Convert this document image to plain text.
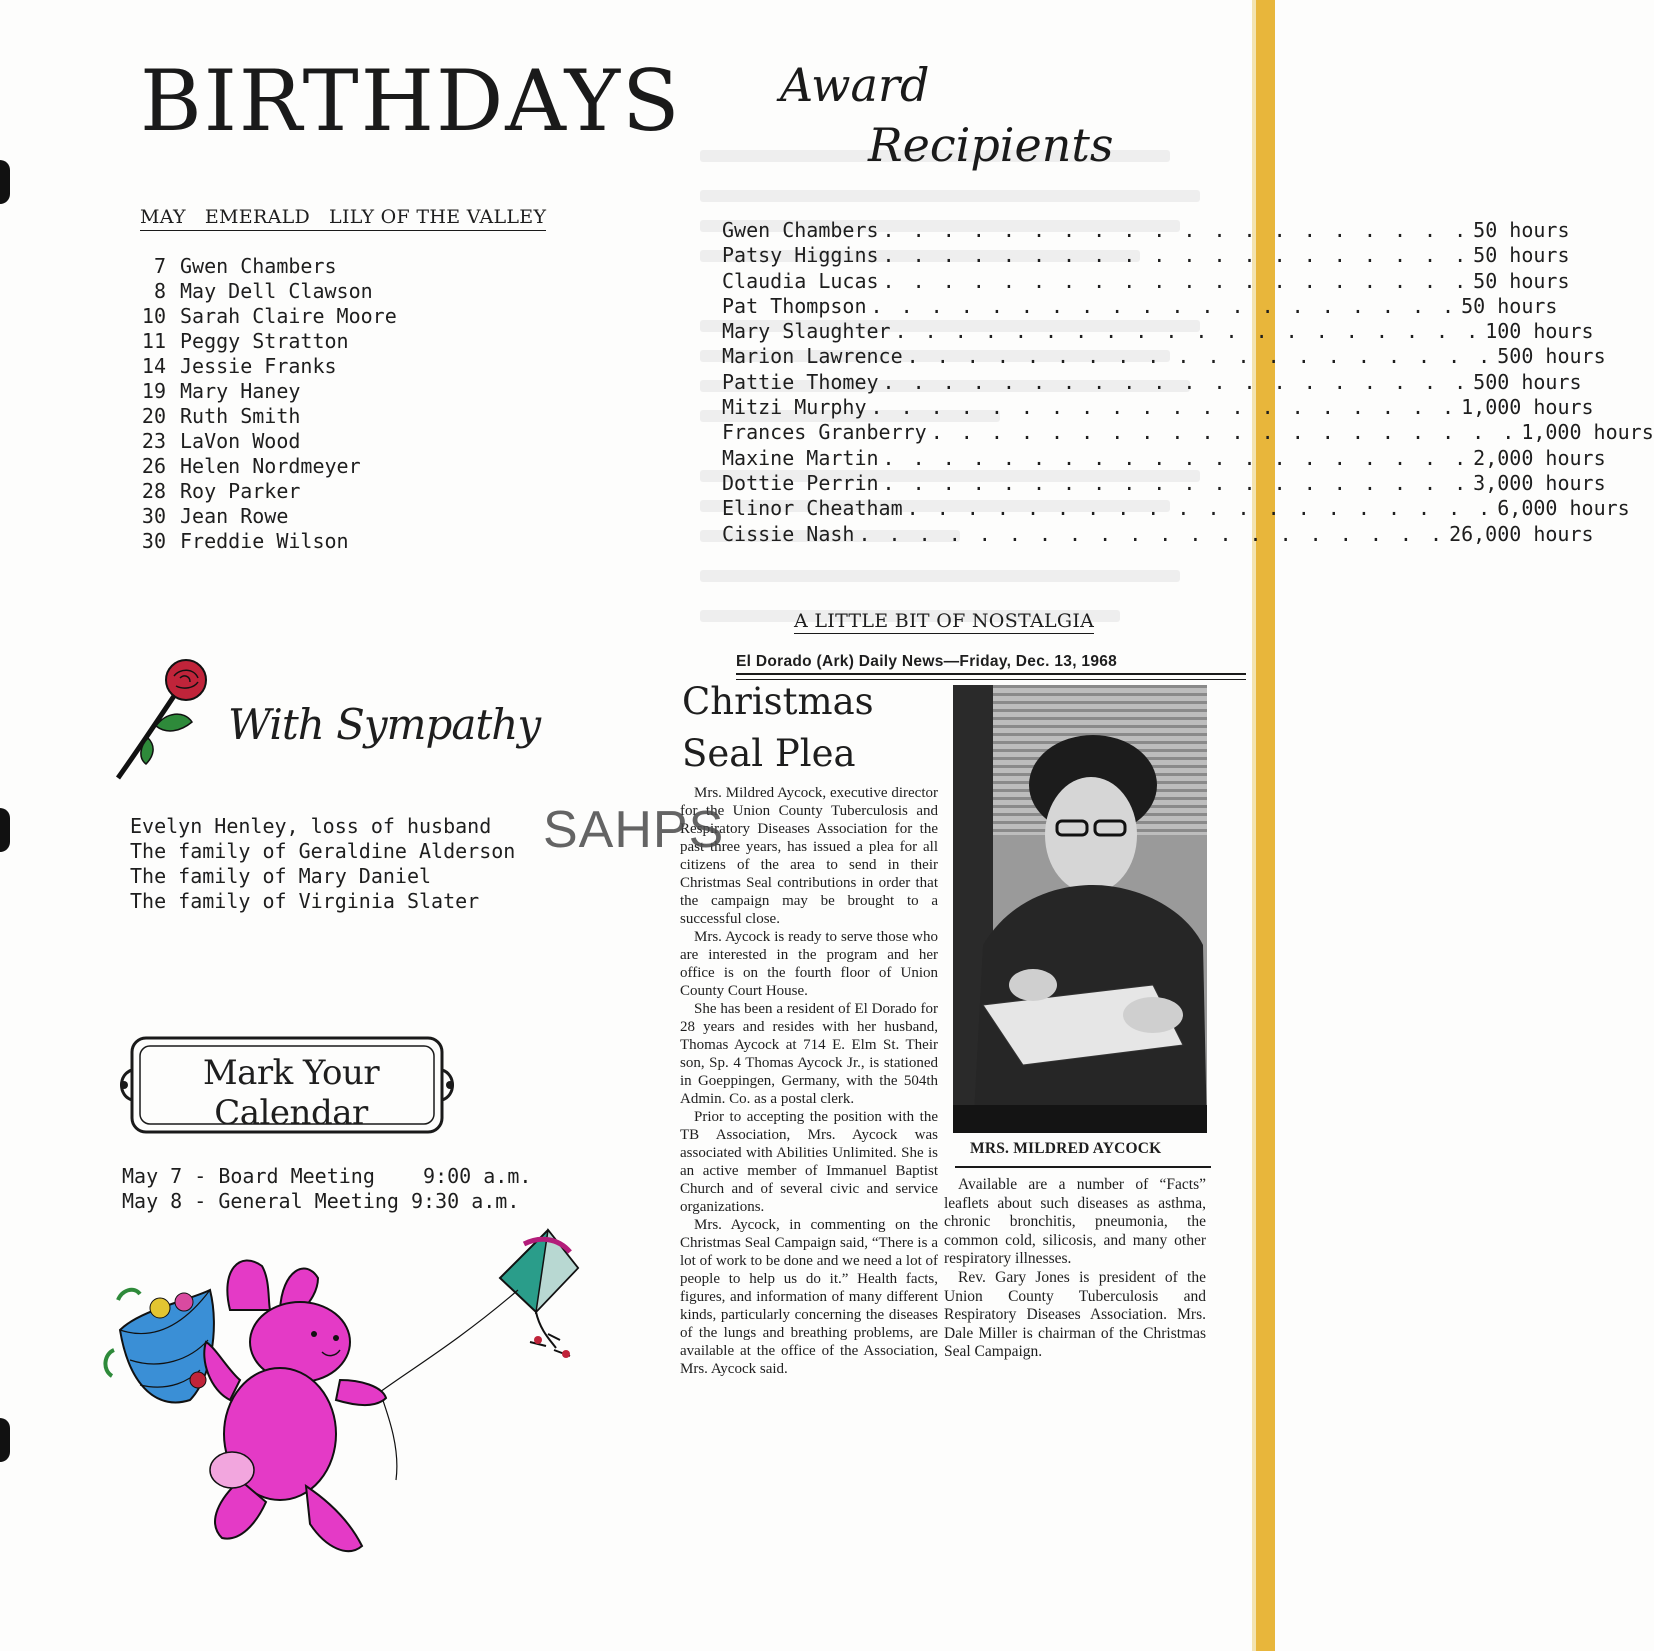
BIRTHDAYS
MAY   EMERALD   LILY OF THE VALLEY
7 Gwen Chambers
8 May Dell Clawson
10 Sarah Claire Moore
11 Peggy Stratton
14 Jessie Franks
19 Mary Haney
20 Ruth Smith
23 LaVon Wood
26 Helen Nordmeyer
28 Roy Parker
30 Jean Rowe
30 Freddie Wilson
Award
Recipients
Gwen Chambers . . . . . . . . . . . . . . . . . . . . 50 hours
Patsy Higgins . . . . . . . . . . . . . . . . . . . . 50 hours
Claudia Lucas . . . . . . . . . . . . . . . . . . . . 50 hours
Pat Thompson . . . . . . . . . . . . . . . . . . . . 50 hours
Mary Slaughter . . . . . . . . . . . . . . . . . . . . 100 hours
Marion Lawrence . . . . . . . . . . . . . . . . . . . . 500 hours
Pattie Thomey . . . . . . . . . . . . . . . . . . . . 500 hours
Mitzi Murphy . . . . . . . . . . . . . . . . . . . . 1,000 hours
Frances Granberry . . . . . . . . . . . . . . . . . . . . 1,000 hours
Maxine Martin . . . . . . . . . . . . . . . . . . . . 2,000 hours
Dottie Perrin . . . . . . . . . . . . . . . . . . . . 3,000 hours
Elinor Cheatham . . . . . . . . . . . . . . . . . . . . 6,000 hours
Cissie Nash . . . . . . . . . . . . . . . . . . . . 26,000 hours
With Sympathy
Evelyn Henley, loss of husband
The family of Geraldine Alderson
The family of Mary Daniel
The family of Virginia Slater
Mark Your Calendar
May 7 - Board Meeting    9:00 a.m.
May 8 - General Meeting 9:30 a.m.
A LITTLE BIT OF NOSTALGIA
El Dorado (Ark) Daily News—Friday, Dec. 13, 1968
Christmas
Seal Plea

Mrs. Mildred Aycock, executive director for the Union County Tuberculosis and Respiratory Diseases Association for the past three years, has issued a plea for all citizens of the area to send in their Christmas Seal contributions in order that the campaign may be brought to a successful close.

Mrs. Aycock is ready to serve those who are interested in the program and her office is on the fourth floor of Union County Court House.

She has been a resident of El Dorado for 28 years and resides with her husband, Thomas Aycock at 714 E. Elm St. Their son, Sp. 4 Thomas Aycock Jr., is stationed in Goeppingen, Germany, with the 504th Admin. Co. as a postal clerk.

Prior to accepting the position with the TB Association, Mrs. Aycock was associated with Abilities Unlimited. She is an active member of Immanuel Baptist Church and of several civic and service organizations.

Mrs. Aycock, in commenting on the Christmas Seal Campaign said, “There is a lot of work to be done and we need a lot of people to help us do it.” Health facts, figures, and information of many different kinds, particularly concerning the diseases of the lungs and breathing problems, are available at the office of the Association, Mrs. Aycock said.

MRS. MILDRED AYCOCK

Available are a number of “Facts” leaflets about such diseases as asthma, chronic bronchitis, pneumonia, the common cold, silicosis, and many other respiratory illnesses.

Rev. Gary Jones is president of the Union County Tuberculosis and Respiratory Diseases Association. Mrs. Dale Miller is chairman of the Christmas Seal Campaign.

SAHPS
